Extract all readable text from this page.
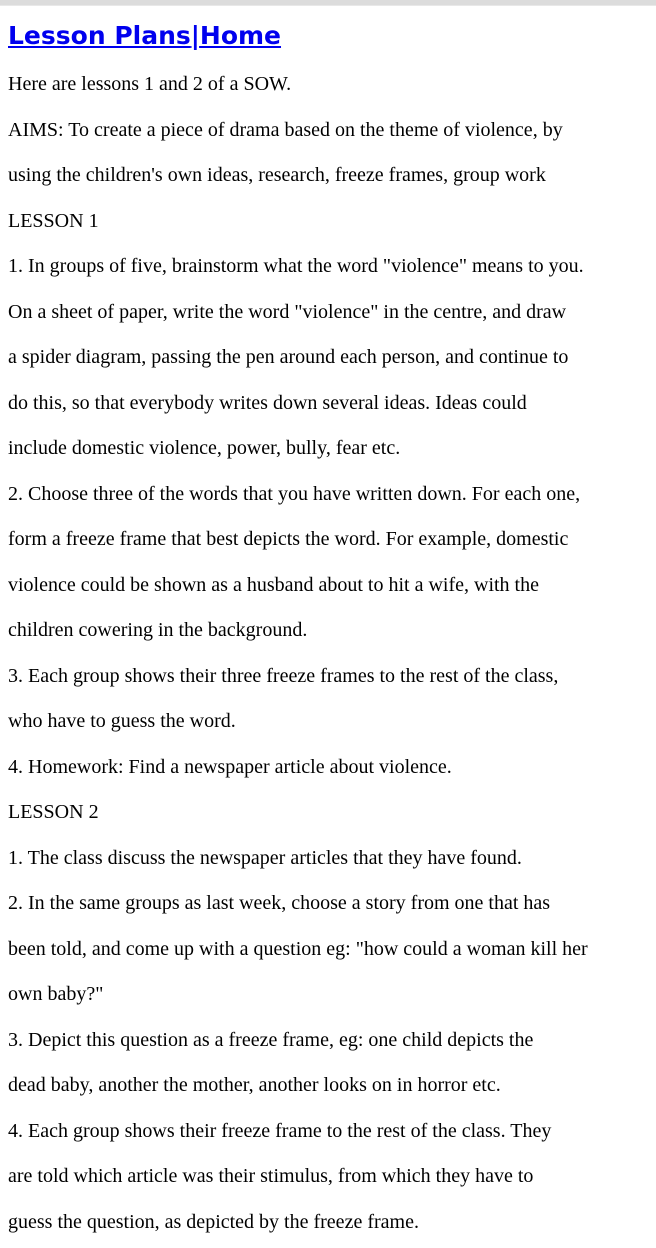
Lesson Plans|Home
Here are lessons 1 and 2 of a SOW.
AIMS: To create a piece of drama based on the theme of violence, by
using the children's own ideas, research, freeze frames, group work
LESSON 1
1. In groups of five, brainstorm what the word "violence" means to you.
On a sheet of paper, write the word "violence" in the centre, and draw
a spider diagram, passing the pen around each person, and continue to
do this, so that everybody writes down several ideas. Ideas could
include domestic violence, power, bully, fear etc.
2. Choose three of the words that you have written down. For each one,
form a freeze frame that best depicts the word. For example, domestic
violence could be shown as a husband about to hit a wife, with the
children cowering in the background.
3. Each group shows their three freeze frames to the rest of the class,
who have to guess the word.
4. Homework: Find a newspaper article about violence.
LESSON 2
1. The class discuss the newspaper articles that they have found.
2. In the same groups as last week, choose a story from one that has
been told, and come up with a question eg: "how could a woman kill her
own baby?"
3. Depict this question as a freeze frame, eg: one child depicts the
dead baby, another the mother, another looks on in horror etc.
4. Each group shows their freeze frame to the rest of the class. They
are told which article was their stimulus, from which they have to
guess the question, as depicted by the freeze frame.
